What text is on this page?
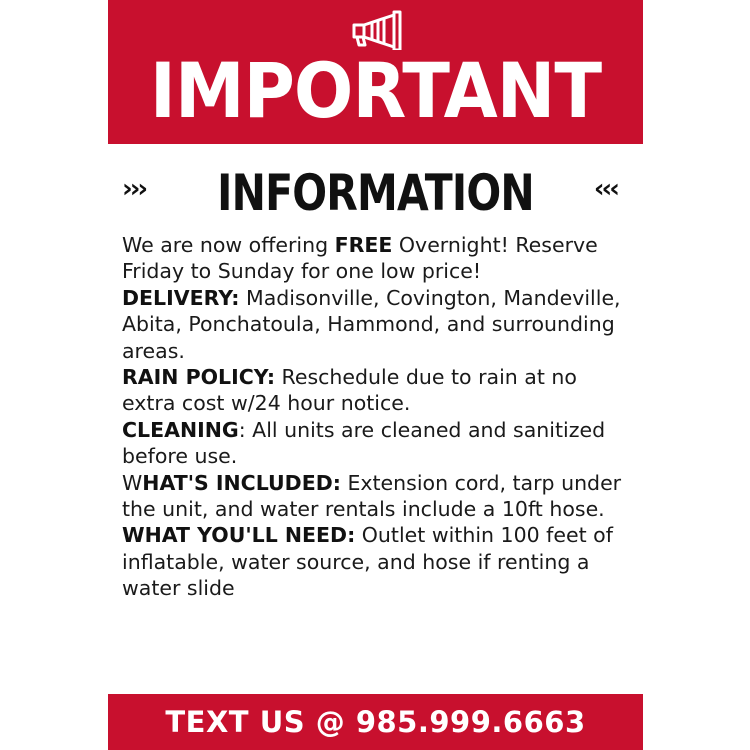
IMPORTANT
›››	INFORMATION	‹‹‹

We are now offering FREE Overnight! Reserve Friday to Sunday for one low price!

DELIVERY: Madisonville, Covington, Mandeville, Abita, Ponchatoula, Hammond, and surrounding areas.

RAIN POLICY: Reschedule due to rain at no extra cost w/24 hour notice.

CLEANING: All units are cleaned and sanitized before use.

WHAT'S INCLUDED: Extension cord, tarp under the unit, and water rentals include a 10ft hose.

WHAT YOU'LL NEED: Outlet within 100 feet of inflatable, water source, and hose if renting a water slide

TEXT US @ 985.999.6663
